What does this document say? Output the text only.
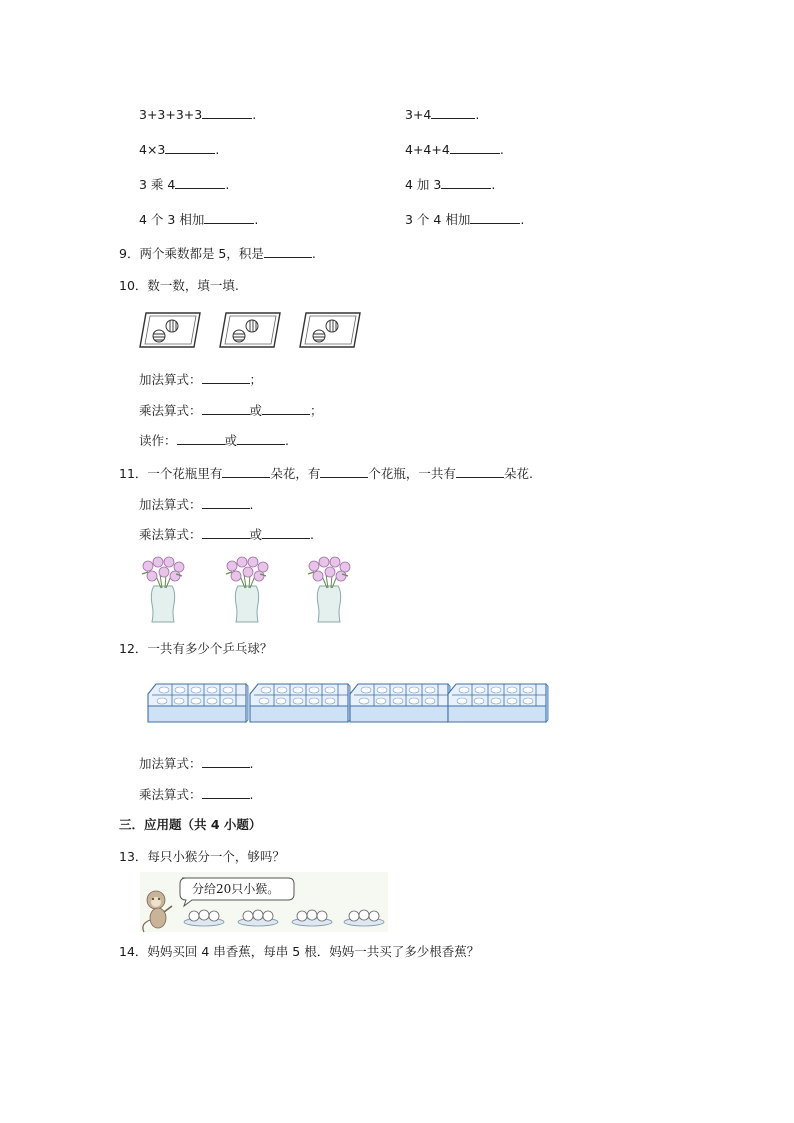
3+3+3+3	.	3+4	.
4×3	.	4+4+4	.
3 乘 4	.	4 加 3	.
4 个 3 相加	.	3 个 4 相加	.
9．两个乘数都是 5，积是	.
10．数一数，填一填.
加法算式：	；
乘法算式：	或	；
读作：	或	.
11．一个花瓶里有	朵花，有	个花瓶，一共有	朵花.
加法算式：	.
乘法算式：	或	.
12．一共有多少个乒乓球？
加法算式：	.
乘法算式：	.
三．应用题（共 4 小题）
13．每只小猴分一个，够吗？
分给20只小猴。
14．妈妈买回 4 串香蕉，每串 5 根．妈妈一共买了多少根香蕉？
